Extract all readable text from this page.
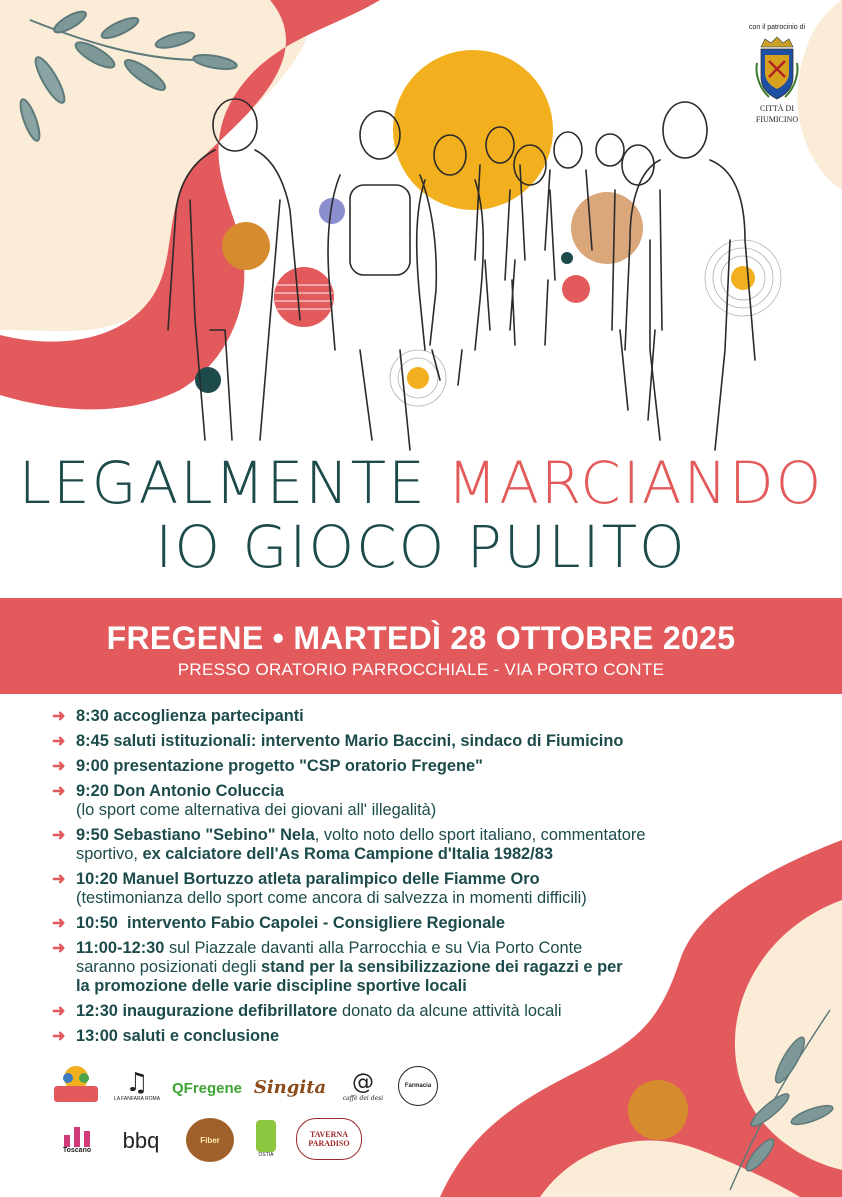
con il patrocinio di
CITTÀ DI
FIUMICINO
LEGALMENTE MARCIANDO
IO GIOCO PULITO
FREGENE • MARTEDÌ 28 OTTOBRE 2025
PRESSO ORATORIO PARROCCHIALE - VIA PORTO CONTE
➜ 8:30 accoglienza partecipanti
➜ 8:45 saluti istituzionali: intervento Mario Baccini, sindaco di Fiumicino
➜ 9:00 presentazione progetto "CSP oratorio Fregene"
➜ 9:20 Don Antonio Coluccia
(lo sport come alternativa dei giovani all' illegalità)
➜ 9:50 Sebastiano "Sebino" Nela, volto noto dello sport italiano, commentatore
sportivo, ex calciatore dell'As Roma Campione d'Italia 1982/83
➜ 10:20 Manuel Bortuzzo atleta paralimpico delle Fiamme Oro
(testimonianza dello sport come ancora di salvezza in momenti difficili)
➜ 10:50  intervento Fabio Capolei - Consigliere Regionale
➜ 11:00-12:30 sul Piazzale davanti alla Parrocchia e su Via Porto Conte
saranno posizionati degli stand per la sensibilizzazione dei ragazzi e per
la promozione delle varie discipline sportive locali
➜ 12:30 inaugurazione defibrillatore donato da alcune attività locali
➜ 13:00 saluti e conclusione
♫
LA FANFARA ROMA
QFregene Singita @
caffè dei desi
Farmacia
Toscano bbq	Fiber
OSTIA
TAVERNA PARADISO
